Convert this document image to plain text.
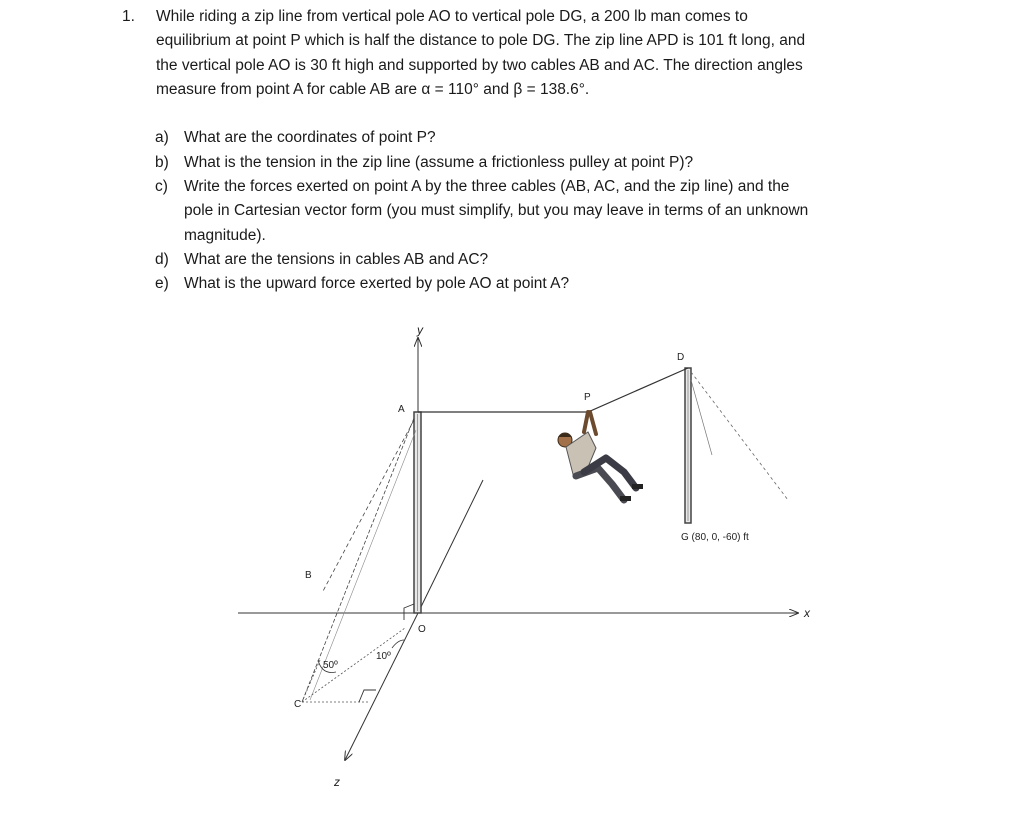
1. While riding a zip line from vertical pole AO to vertical pole DG, a 200 lb man comes to
equilibrium at point P which is half the distance to pole DG. The zip line APD is 101 ft long, and
the vertical pole AO is 30 ft high and supported by two cables AB and AC. The direction angles
measure from point A for cable AB are α = 110° and β = 138.6°.
a) What are the coordinates of point P?
b) What is the tension in the zip line (assume a frictionless pulley at point P)?
c) Write the forces exerted on point A by the three cables (AB, AC, and the zip line) and the
pole in Cartesian vector form (you must simplify, but you may leave in terms of an unknown
magnitude).
d) What are the tensions in cables AB and AC?
e) What is the upward force exerted by pole AO at point A?
y
x
z
A
B
C
D
O
P
G (80, 0, -60) ft
50º
10º
